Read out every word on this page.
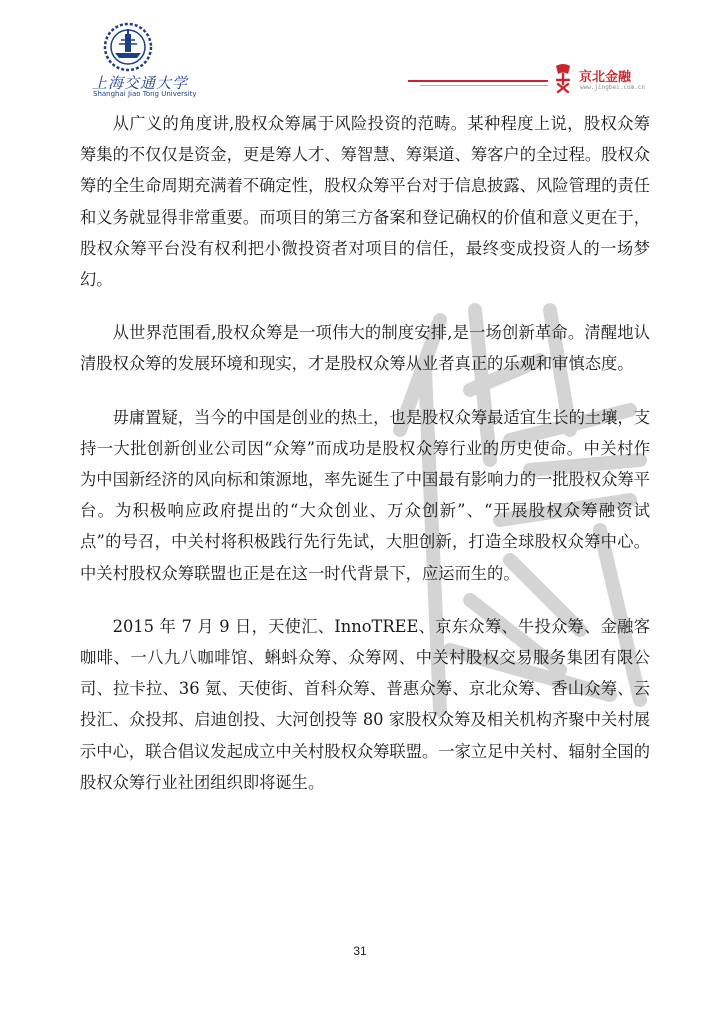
上海交通大学
Shanghai Jiao Tong University
京北金融
www.jingbei.com.cn

从广义的角度讲,股权众筹属于风险投资的范畴。某种程度上说，股权众筹筹集的不仅仅是资金，更是筹人才、筹智慧、筹渠道、筹客户的全过程。股权众筹的全生命周期充满着不确定性，股权众筹平台对于信息披露、风险管理的责任和义务就显得非常重要。而项目的第三方备案和登记确权的价值和意义更在于，股权众筹平台没有权利把小微投资者对项目的信任，最终变成投资人的一场梦幻。

从世界范围看,股权众筹是一项伟大的制度安排,是一场创新革命。清醒地认清股权众筹的发展环境和现实，才是股权众筹从业者真正的乐观和审慎态度。

毋庸置疑，当今的中国是创业的热土，也是股权众筹最适宜生长的土壤，支持一大批创新创业公司因“众筹”而成功是股权众筹行业的历史使命。中关村作为中国新经济的风向标和策源地，率先诞生了中国最有影响力的一批股权众筹平台。为积极响应政府提出的“大众创业、万众创新”、“开展股权众筹融资试点”的号召，中关村将积极践行先行先试，大胆创新，打造全球股权众筹中心。中关村股权众筹联盟也正是在这一时代背景下，应运而生的。

2015 年 7 月 9 日，天使汇、InnoTREE、京东众筹、牛投众筹、金融客咖啡、一八九八咖啡馆、蝌蚪众筹、众筹网、中关村股权交易服务集团有限公司、拉卡拉、36 氪、天使街、首科众筹、普惠众筹、京北众筹、香山众筹、云投汇、众投邦、启迪创投、大河创投等 80 家股权众筹及相关机构齐聚中关村展示中心，联合倡议发起成立中关村股权众筹联盟。一家立足中关村、辐射全国的股权众筹行业社团组织即将诞生。

31
